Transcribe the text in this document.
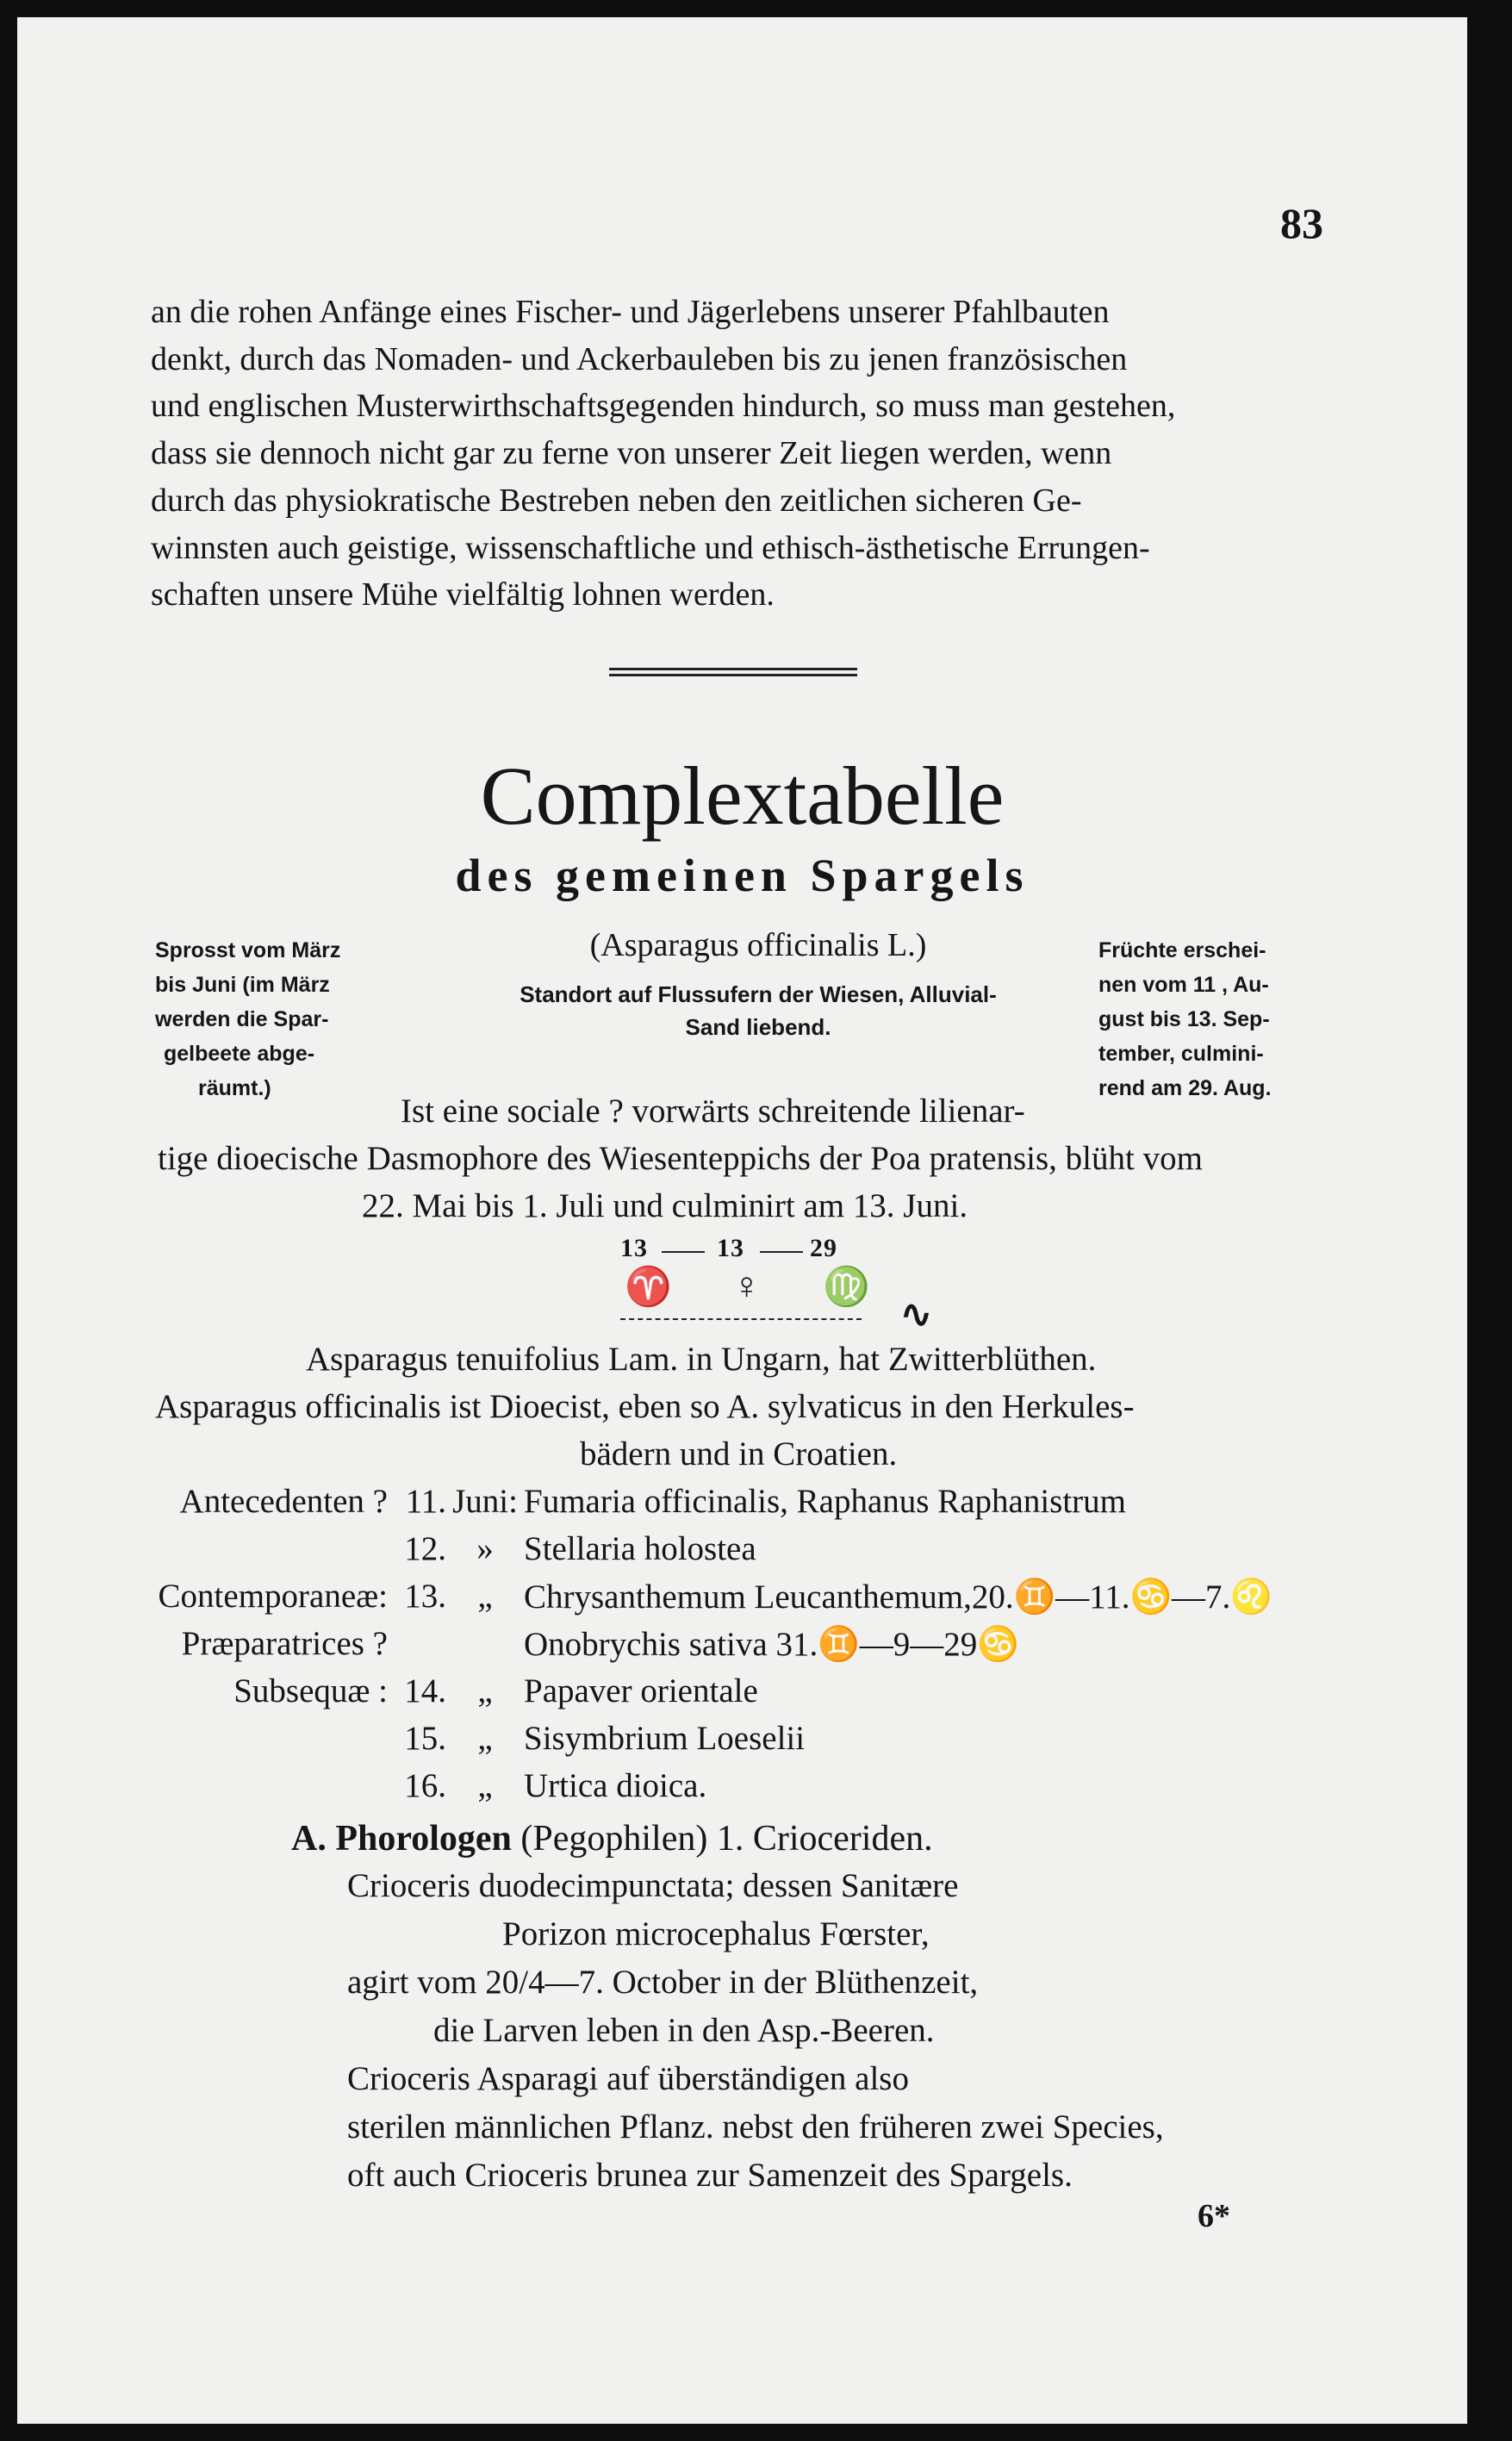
83
an die rohen Anfänge eines Fischer- und Jägerlebens unserer Pfahlbauten
denkt, durch das Nomaden- und Ackerbauleben bis zu jenen französischen
und englischen Musterwirthschaftsgegenden hindurch, so muss man gestehen,
dass sie dennoch nicht gar zu ferne von unserer Zeit liegen werden, wenn
durch das physiokratische Bestreben neben den zeitlichen sicheren Ge-
winnsten auch geistige, wissenschaftliche und ethisch-ästhetische Errungen-
schaften unsere Mühe vielfältig lohnen werden.
Complextabelle
des gemeinen Spargels
Sprosst vom März
bis Juni (im März
werden die Spar-
gelbeete abge-
räumt.)
Früchte erschei-
nen vom 11 , Au-
gust bis 13. Sep-
tember, culmini-
rend am 29. Aug.
(Asparagus officinalis L.)
Standort auf Flussufern der Wiesen, Alluvial-
Sand liebend.
Ist eine sociale ? vorwärts schreitende lilienar-
tige dioecische Dasmophore des Wiesenteppichs der Poa pratensis, blüht vom
22. Mai bis 1. Juli und culminirt am 13. Juni.
13	13	29
♈ ♀ ♍
∿
Asparagus tenuifolius Lam. in Ungarn, hat Zwitterblüthen.
Asparagus officinalis ist Dioecist, eben so A. sylvaticus in den Herkules-
bädern und in Croatien.
Antecedenten ? 11. Juni: Fumaria officinalis, Raphanus Raphanistrum
12. » Stellaria holostea
Contemporaneæ: 13. „ Chrysanthemum Leucanthemum,20.♊—11.♋—7.♌
Præparatrices ?	Onobrychis sativa 31.♊—9—29♋
Subsequæ : 14. „ Papaver orientale
15. „ Sisymbrium Loeselii
16. „ Urtica dioica.
A. Phorologen (Pegophilen) 1. Crioceriden.
Crioceris duodecimpunctata; dessen Sanitære
Porizon microcephalus Fœrster,
agirt vom 20/4—7. October in der Blüthenzeit,
die Larven leben in den Asp.-Beeren.
Crioceris Asparagi auf überständigen also
sterilen männlichen Pflanz. nebst den früheren zwei Species,
oft auch Crioceris brunea zur Samenzeit des Spargels.
6*
